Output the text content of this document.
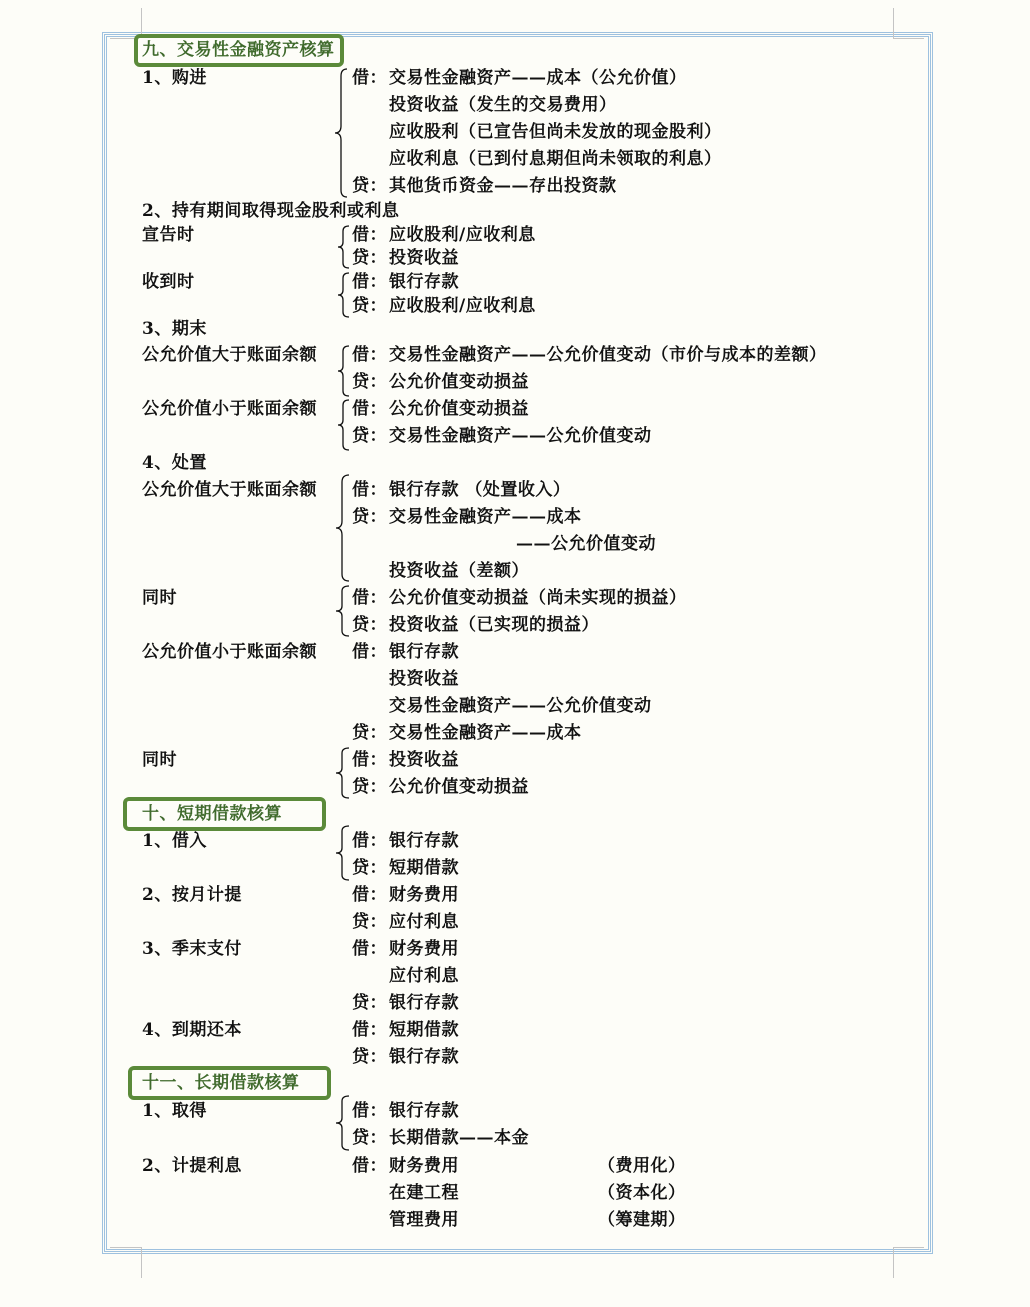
九、交易性金融资产核算
1、购进	借： 交易性金融资产——成本（公允价值）
投资收益（发生的交易费用）
应收股利（已宣告但尚未发放的现金股利）
应收利息（已到付息期但尚未领取的利息）
贷： 其他货币资金——存出投资款
2、持有期间取得现金股利或利息
宣告时	借： 应收股利/应收利息
贷： 投资收益
收到时	借： 银行存款
贷： 应收股利/应收利息
3、期末
公允价值大于账面余额 借： 交易性金融资产——公允价值变动（市价与成本的差额）
贷： 公允价值变动损益
公允价值小于账面余额 借： 公允价值变动损益
贷： 交易性金融资产——公允价值变动
4、处置
公允价值大于账面余额 借： 银行存款 （处置收入）
贷： 交易性金融资产——成本
——公允价值变动
投资收益（差额）
同时	借： 公允价值变动损益（尚未实现的损益）
贷： 投资收益（已实现的损益）
公允价值小于账面余额 借： 银行存款
投资收益
交易性金融资产——公允价值变动
贷： 交易性金融资产——成本
同时	借： 投资收益
贷： 公允价值变动损益
十、短期借款核算
1、借入	借： 银行存款
贷： 短期借款
2、按月计提	借： 财务费用
贷： 应付利息
3、季末支付	借： 财务费用
应付利息
贷： 银行存款
4、到期还本	借： 短期借款
贷： 银行存款
十一、长期借款核算
1、取得	借： 银行存款
贷： 长期借款——本金
2、计提利息	借： 财务费用	（费用化）
在建工程	（资本化）
管理费用	（筹建期）
